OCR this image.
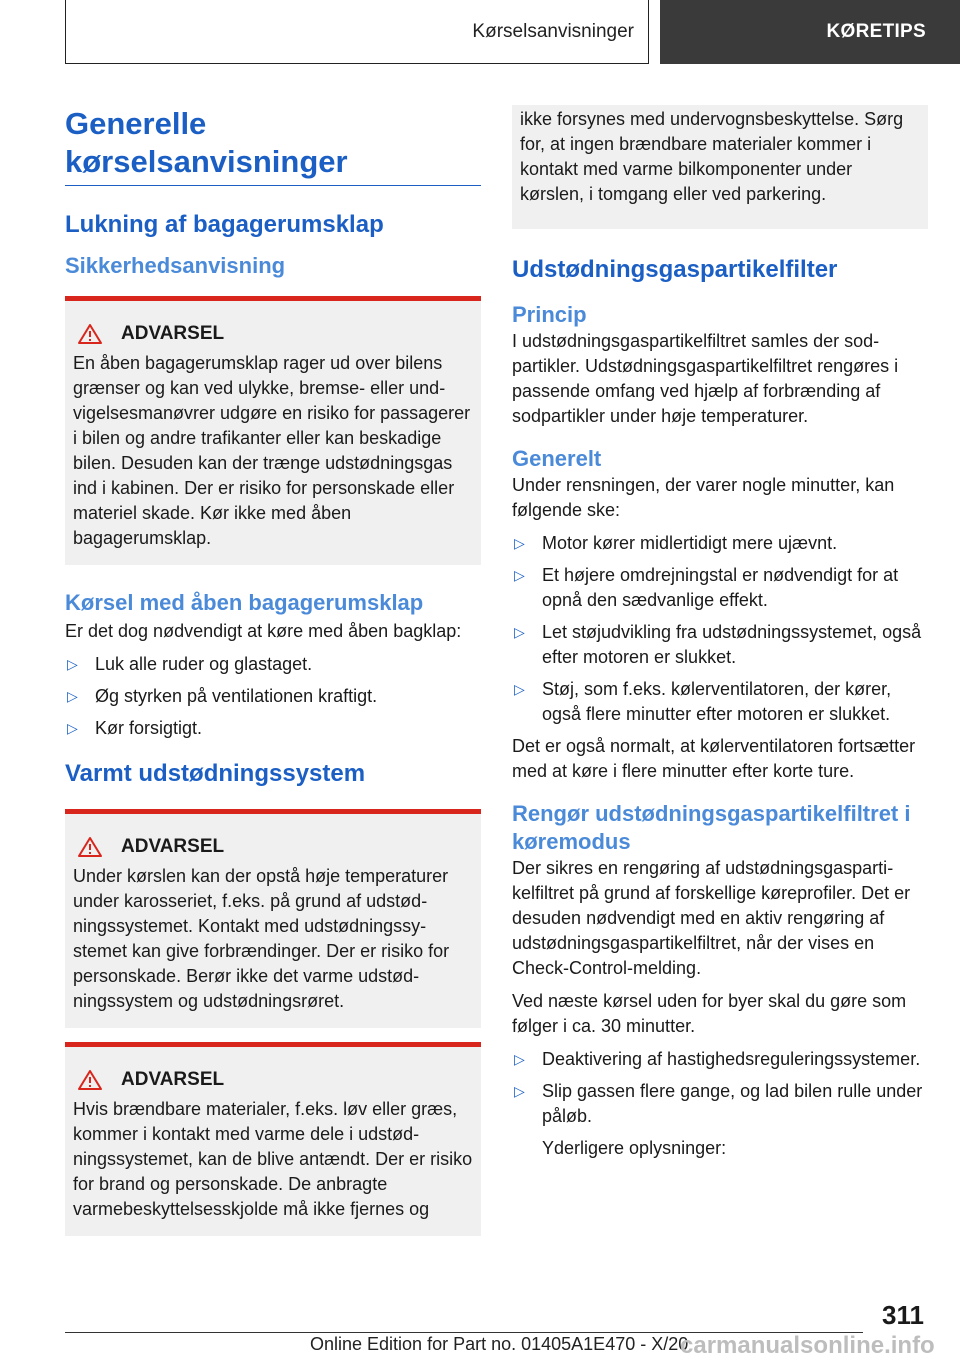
Kørselsanvisninger	KØRETIPS
Generelle kørselsanvisninger
Lukning af bagagerumsklap
Sikkerhedsanvisning
ADVARSEL
En åben bagagerumsklap rager ud over bilens grænser og kan ved ulykke, bremse- eller undvigelsesmanøvrer udgøre en risiko for passagerer i bilen og andre trafikanter eller kan beskadige bilen. Desuden kan der trænge udstødningsgas ind i kabinen. Der er risiko for personskade eller materiel skade. Kør ikke med åben bagagerumsklap.
Kørsel med åben bagagerumsklap

Er det dog nødvendigt at køre med åben bagklap:

▷ Luk alle ruder og glastaget.
▷ Øg styrken på ventilationen kraftigt.
▷ Kør forsigtigt.
Varmt udstødningssystem
ADVARSEL
Under kørslen kan der opstå høje temperaturer under karosseriet, f.eks. på grund af udstødningssystemet. Kontakt med udstødningssystemet kan give forbrændinger. Der er risiko for personskade. Berør ikke det varme udstødningssystem og udstødningsrøret.
ADVARSEL
Hvis brændbare materialer, f.eks. løv eller græs, kommer i kontakt med varme dele i udstødningssystemet, kan de blive antændt. Der er risiko for brand og personskade. De anbragte varmebeskyttelsesskjolde må ikke fjernes og
ikke forsynes med undervognsbeskyttelse. Sørg for, at ingen brændbare materialer kommer i kontakt med varme bilkomponenter under kørslen, i tomgang eller ved parkering.
Udstødningsgaspartikelfilter
Princip

I udstødningsgaspartikelfiltret samles der sodpartikler. Udstødningsgaspartikelfiltret rengøres i passende omfang ved hjælp af forbrænding af sodpartikler under høje temperaturer.

Generelt

Under rensningen, der varer nogle minutter, kan følgende ske:

▷ Motor kører midlertidigt mere ujævnt.
▷ Et højere omdrejningstal er nødvendigt for at opnå den sædvanlige effekt.
▷ Let støjudvikling fra udstødningssystemet, også efter motoren er slukket.
▷ Støj, som f.eks. kølerventilatoren, der kører, også flere minutter efter motoren er slukket.

Det er også normalt, at kølerventilatoren fortsætter med at køre i flere minutter efter korte ture.

Rengør udstødningsgaspartikelfiltret i køremodus

Der sikres en rengøring af udstødningsgaspartikelfiltret på grund af forskellige køreprofiler. Det er desuden nødvendigt med en aktiv rengøring af udstødningsgaspartikelfiltret, når der vises en Check-Control-melding.

Ved næste kørsel uden for byer skal du gøre som følger i ca. 30 minutter.

▷ Deaktivering af hastighedsreguleringssystemer.
▷ Slip gassen flere gange, og lad bilen rulle under påløb.
Yderligere oplysninger:
311
Online Edition for Part no. 01405A1E470 - X/20
carmanualsonline.info
